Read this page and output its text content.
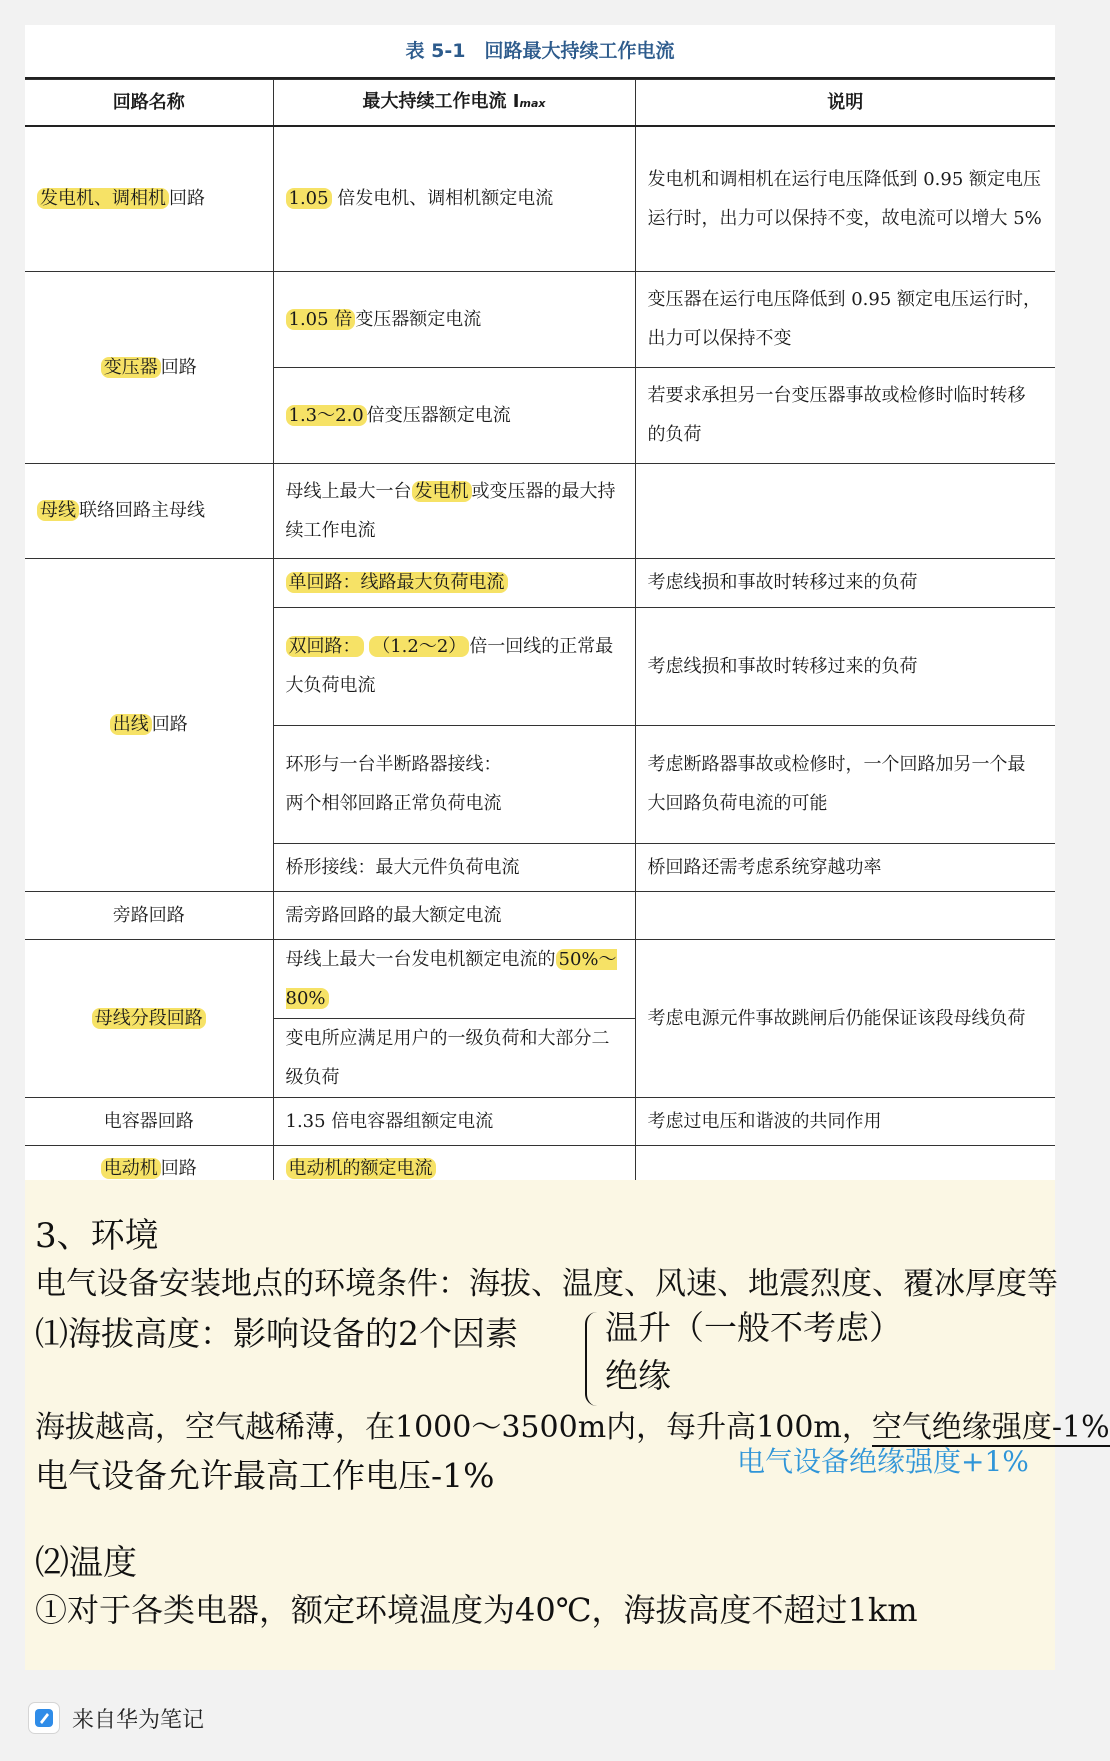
表 5-1　回路最大持续工作电流
回路名称	最大持续工作电流 Imax	说明
发电机、调相机 回路	1.05 倍发电机、调相机额定电流	发电机和调相机在运行电压降低到 0.95 额定电压运行时，出力可以保持不变，故电流可以增大 5%
变压器 回路	1.05 倍 变压器额定电流	变压器在运行电压降低到 0.95 额定电压运行时，出力可以保持不变
	1.3～2.0 倍变压器额定电流	若要求承担另一台变压器事故或检修时临时转移的负荷
母线 联络回路主母线	母线上最大一台 发电机 或变压器的最大持续工作电流	
出线 回路	单回路：线路最大负荷电流	考虑线损和事故时转移过来的负荷
	双回路： （1.2～2） 倍一回线的正常最大负荷电流	考虑线损和事故时转移过来的负荷

	环形与一台半断路器接线：
两个相邻回路正常负荷电流	考虑断路器事故或检修时，一个回路加另一个最大回路负荷电流的可能
	桥形接线：最大元件负荷电流	桥回路还需考虑系统穿越功率
旁路回路	需旁路回路的最大额定电流	
母线分段回路	母线上最大一台发电机额定电流的 50%～80%	考虑电源元件事故跳闸后仍能保证该段母线负荷
	变电所应满足用户的一级负荷和大部分二级负荷	
电容器回路	1.35 倍电容器组额定电流	考虑过电压和谐波的共同作用
电动机 回路	电动机的额定电流	
3、环境
电气设备安装地点的环境条件：海拔、温度、风速、地震烈度、覆冰厚度等
⑴海拔高度：影响设备的2个因素	温升（一般不考虑）
绝缘
海拔越高，空气越稀薄，在1000～3500m内，每升高100m，空气绝缘强度-1%
电气设备允许最高工作电压-1%	电气设备绝缘强度+1%
⑵温度
①对于各类电器，额定环境温度为40℃，海拔高度不超过1km
来自华为笔记
